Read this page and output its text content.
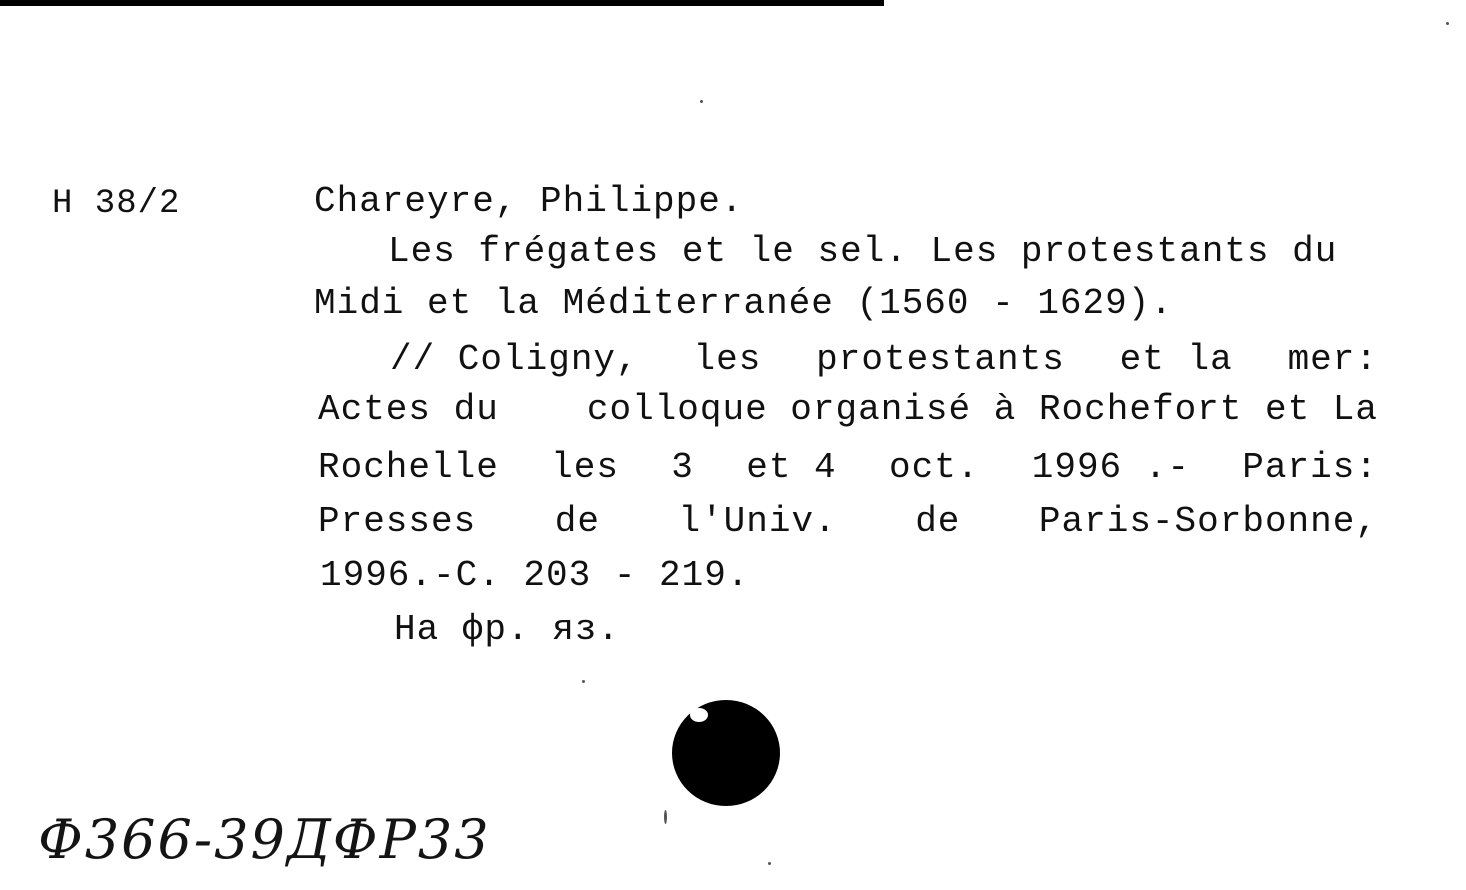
H 38/2	Chareyre, Philippe.
Les frégates et le sel. Les protestants du
Midi et la Méditerranée (1560 - 1629).
// Coligny, les protestants et la mer:
Actes du colloque organisé à Rochefort et La
Rochelle les 3 et 4 oct. 1996 .- Paris:
Presses de l'Univ. de Paris-Sorbonne,
1996.-C. 203 - 219.
На фр. яз.
Ф366-39ДФР33
